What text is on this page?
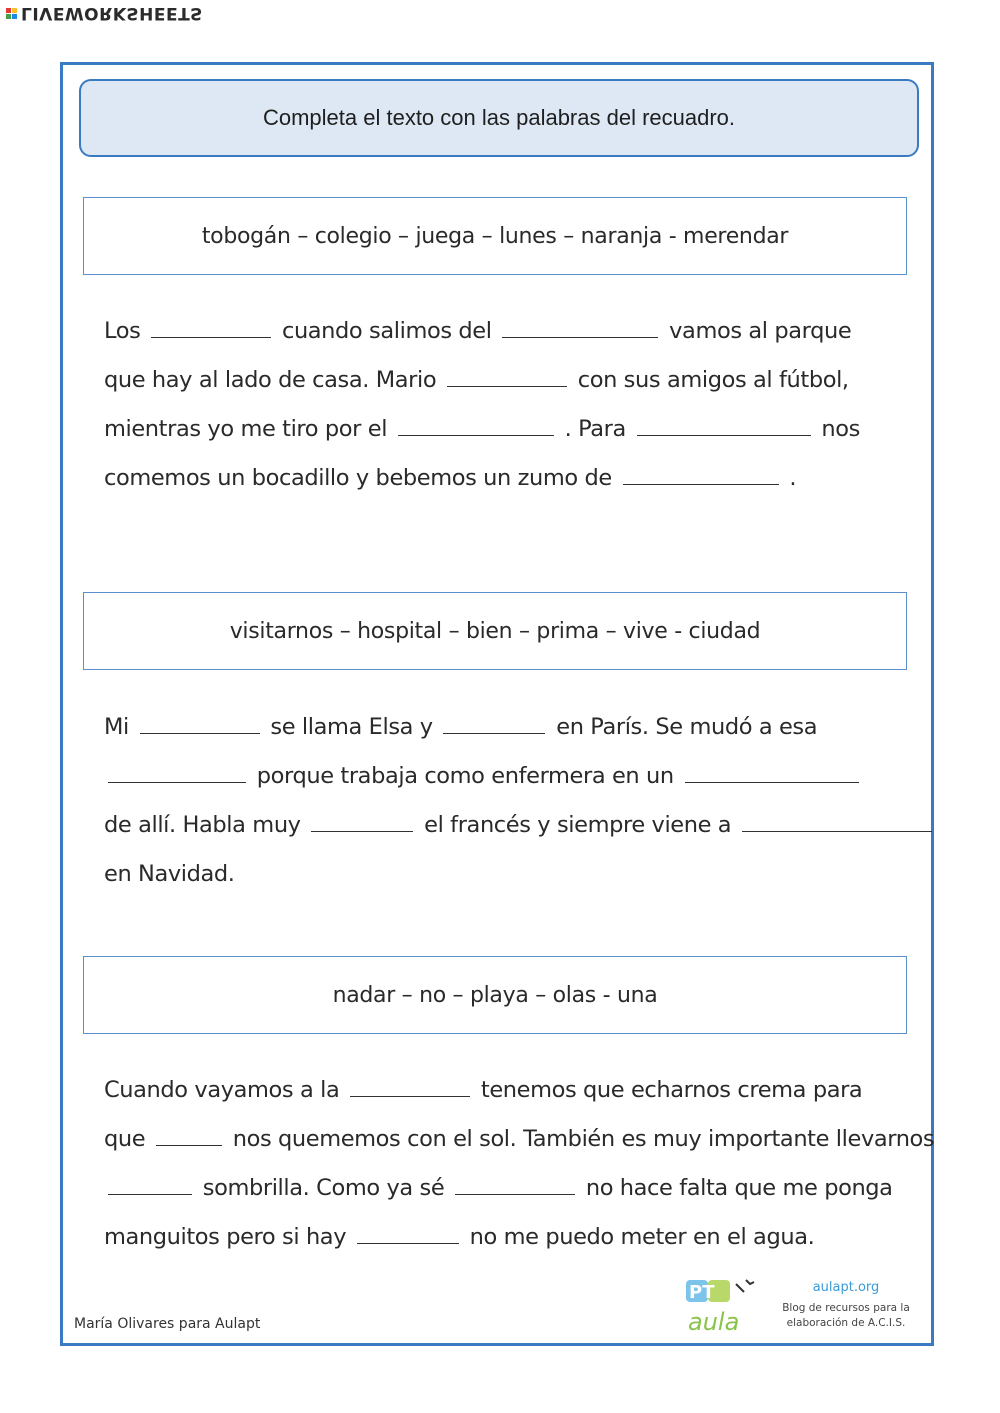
LIVEWORKSHEETS
Completa el texto con las palabras del recuadro.
tobogán – colegio – juega – lunes – naranja - merendar
Los	cuando salimos del	vamos al parque
que hay al lado de casa. Mario	con sus amigos al fútbol,
mientras yo me tiro por el	. Para	nos
comemos un bocadillo y bebemos un zumo de	.
visitarnos – hospital – bien – prima – vive - ciudad
Mi	se llama Elsa y	en París. Se mudó a esa
porque trabaja como enfermera en un
de allí. Habla muy	el francés y siempre viene a
en Navidad.
nadar – no – playa – olas - una
Cuando vayamos a la	tenemos que echarnos crema para
que	nos quememos con el sol. También es muy importante llevarnos
sombrilla. Como ya sé	no hace falta que me ponga
manguitos pero si hay	no me puedo meter en el agua.
María Olivares para Aulapt
PT
aula
aulapt.org
Blog de recursos para la elaboración de A.C.I.S.
